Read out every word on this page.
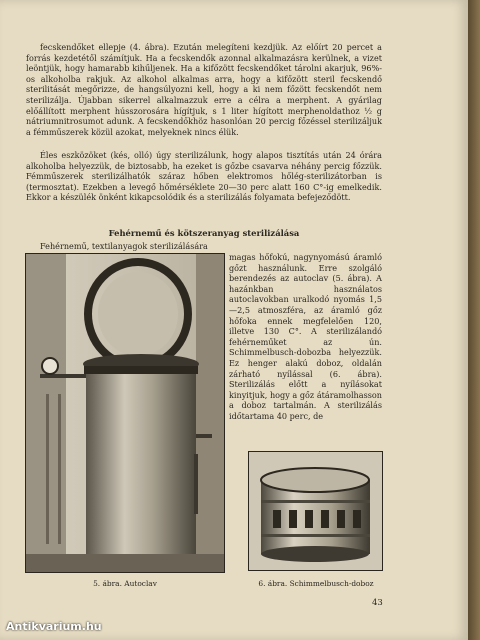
fecskendőket ellepje (4. ábra). Ezután melegíteni kezdjük. Az előírt 20 percet a forrás kezdetétől számítjuk. Ha a fecskendők azonnal alkalmazásra kerülnek, a vizet leöntjük, hogy hamarabb kihűljenek. Ha a kifőzött fecskendőket tárolni akarjuk, 96%-os alkoholba rakjuk. Az alkohol alkalmas arra, hogy a kifőzött steril fecskendő sterilitását megőrizze, de hangsúlyozni kell, hogy a ki nem főzött fecskendőt nem sterilizálja. Újabban sikerrel alkalmazzuk erre a célra a merphent. A gyárilag előállított merphent hússzorosára hígítjuk, s 1 liter hígított merphenoldathoz ½ g nátriumnitrosumot adunk. A fecskendőkhöz hasonlóan 20 percig főzéssel sterilizáljuk a fémműszerek közül azokat, melyeknek nincs élük.

Éles eszközöket (kés, olló) úgy sterilizálunk, hogy alapos tisztítás után 24 órára alkoholba helyezzük, de biztosabb, ha ezeket is gőzbe csavarva néhány percig főzzük. Fémműszerek sterilizálhatók száraz hőben elektromos hőlég-sterilizátorban is (termosztat). Ezekben a levegő hőmérséklete 20—30 perc alatt 160 C°-ig emelkedik. Ekkor a készülék önként kikapcsolódik és a sterilizálás folyamata befejeződött.

Fehérnemű és kötszeranyag sterilizálása

Fehérnemű, textilanyagok sterilizálására

magas hőfokú, nagynyomású áramló gőzt használunk. Erre szolgáló berendezés az autoclav (5. ábra). A hazánkban használatos autoclavokban uralkodó nyomás 1,5—2,5 atmoszféra, az áramló gőz hőfoka ennek megfelelően 120, illetve 130 C°. A sterilizálandó fehérneműket az ún. Schimmelbusch-dobozba helyezzük. Ez henger alakú doboz, oldalán zárható nyílással (6. ábra). Sterilizálás előtt a nyílásokat kinyitjuk, hogy a gőz átáramolhasson a doboz tartalmán. A sterilizálás időtartama 40 perc, de

5. ábra. Autoclav	6. ábra. Schimmelbusch-doboz
43
Antikvarium.hu
